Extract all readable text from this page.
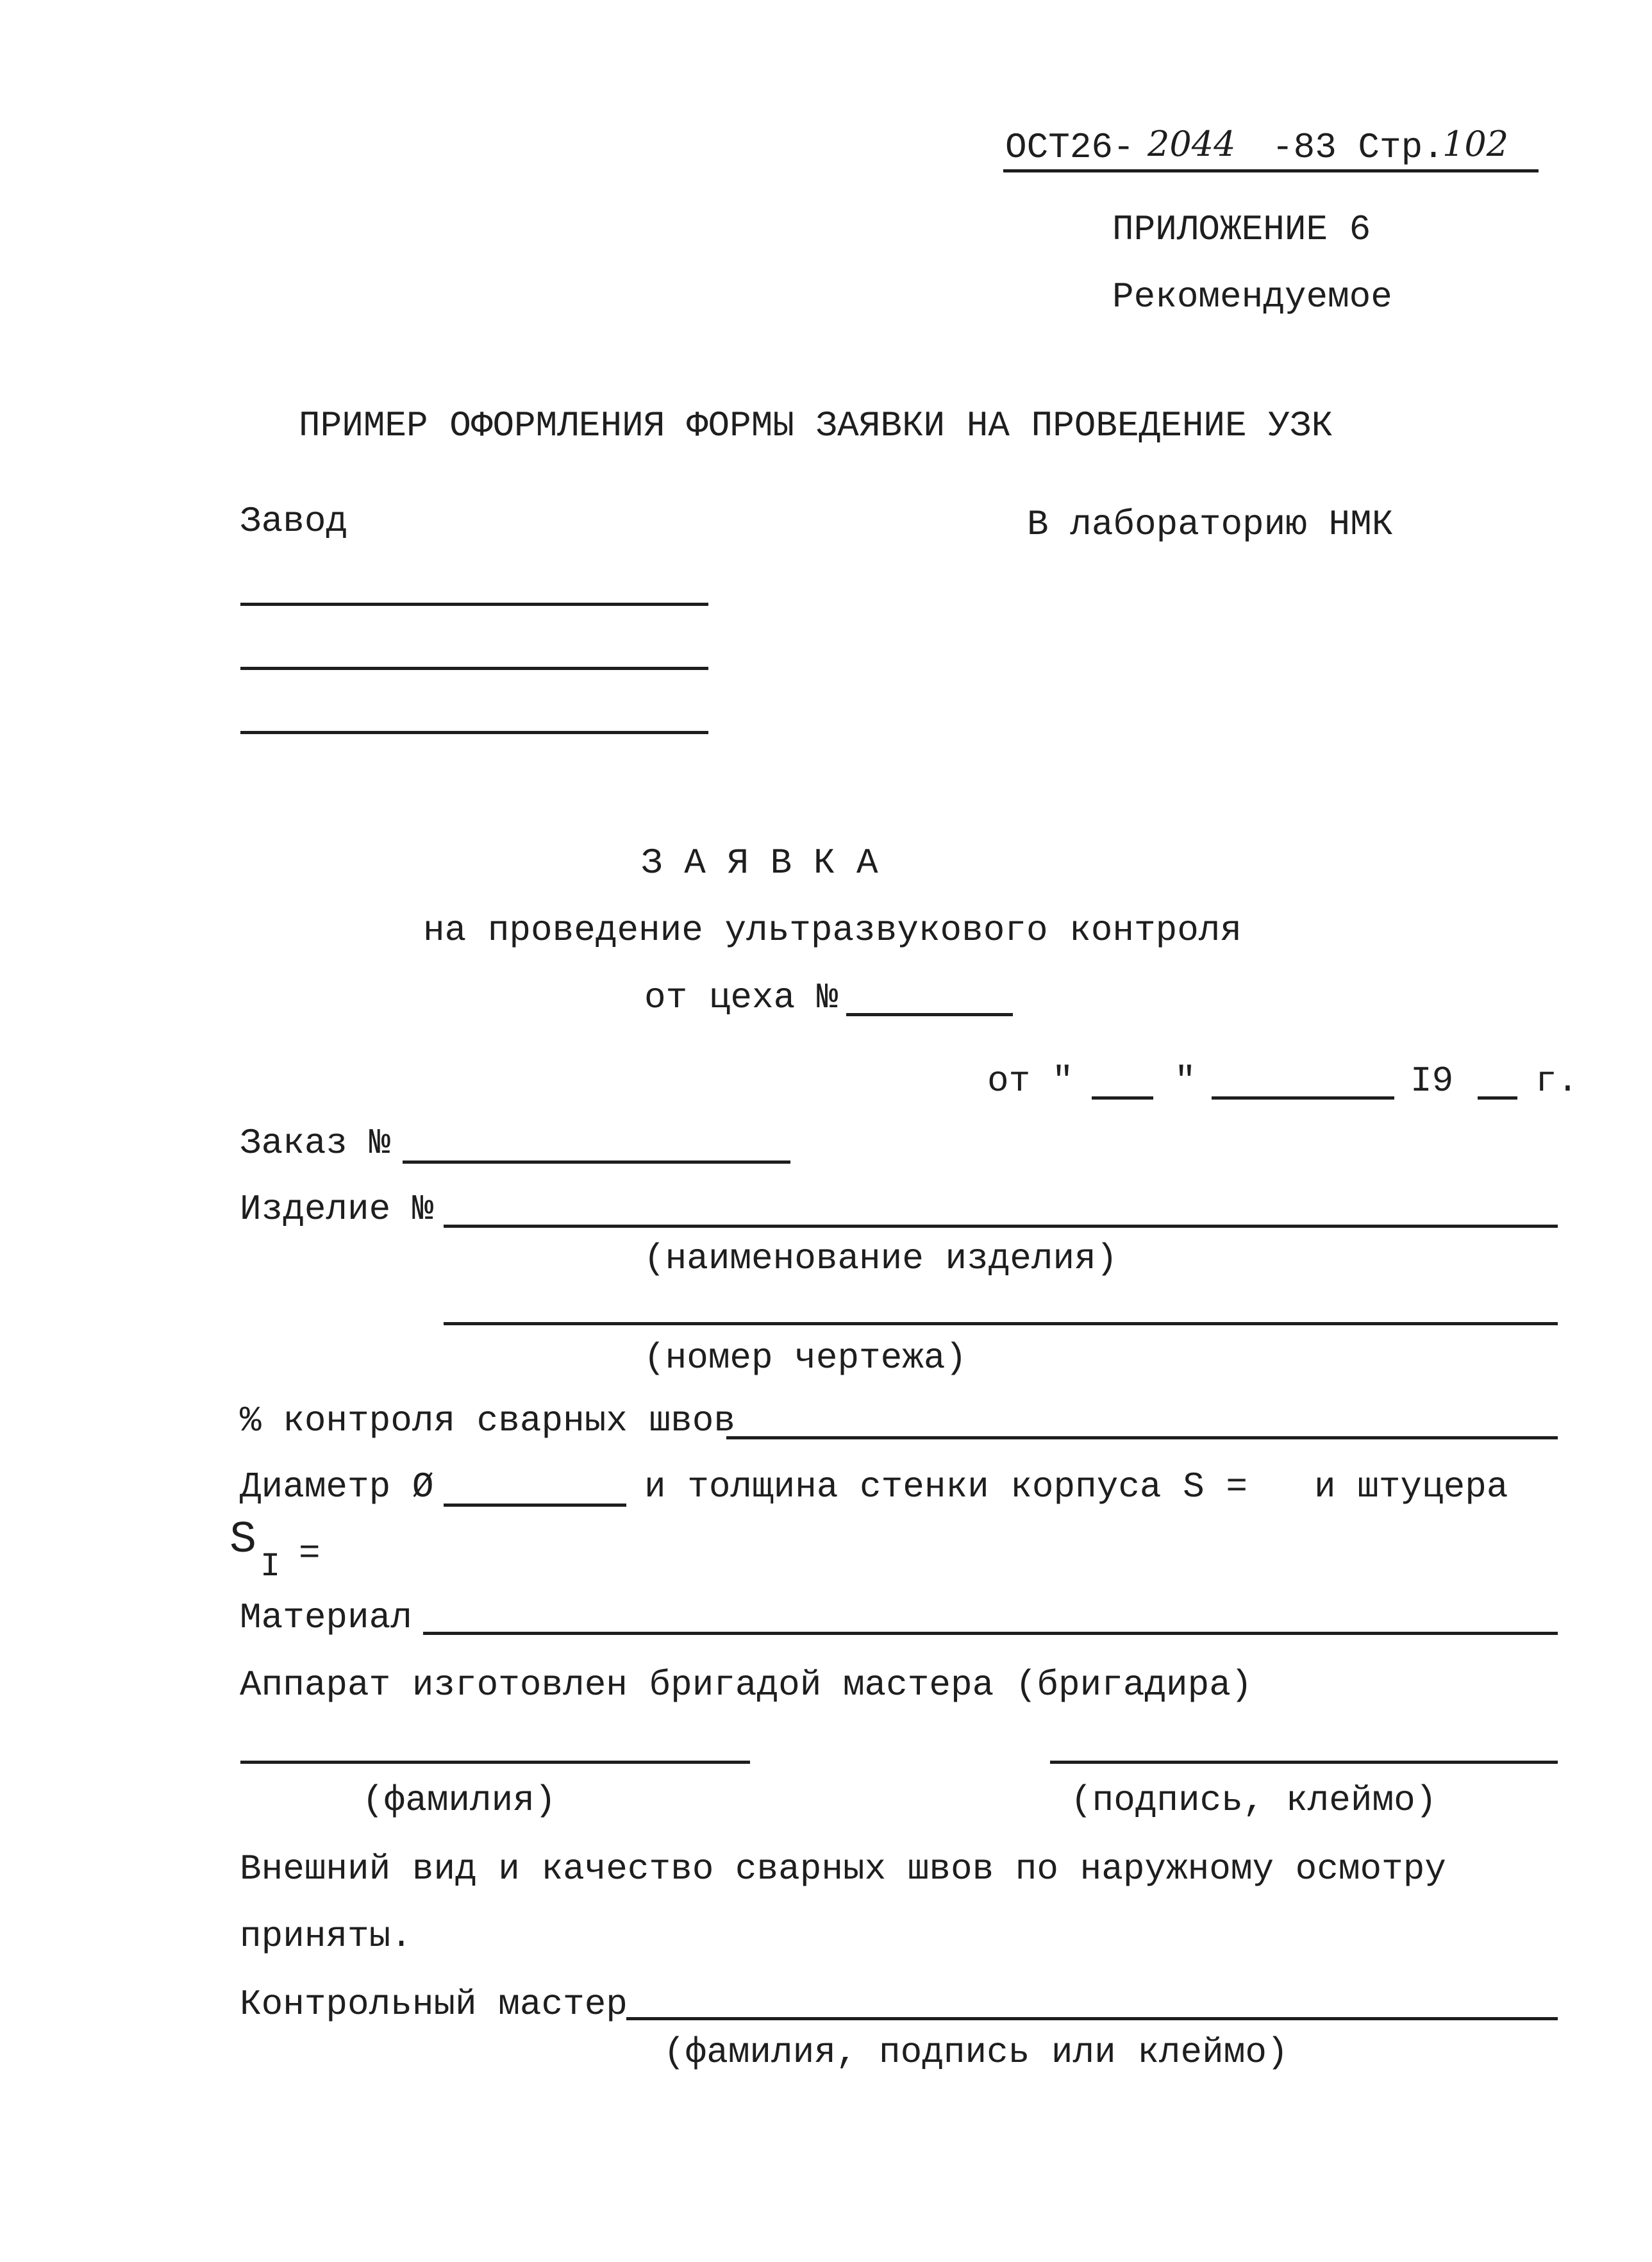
ОСТ26- 2044 -83 Стр.
102
ПРИЛОЖЕНИЕ 6
Рекомендуемое
ПРИМЕР ОФОРМЛЕНИЯ ФОРМЫ ЗАЯВКИ НА ПРОВЕДЕНИЕ УЗК
Завод	В лабораторию НМК
З А Я В К А
на проведение ультразвукового контроля
от цеха №
от "	"	I9 г.
Заказ №
Изделие №
(наименование изделия)
(номер чертежа)
% контроля сварных швов
Диаметр Ø	и толщина стенки корпуса S = и штуцера
S
I =
Материал
Аппарат изготовлен бригадой мастера (бригадира)
(фамилия)	(подпись, клеймо)
Внешний вид и качество сварных швов по наружному осмотру
приняты.
Контрольный мастер
(фамилия, подпись или клеймо)
